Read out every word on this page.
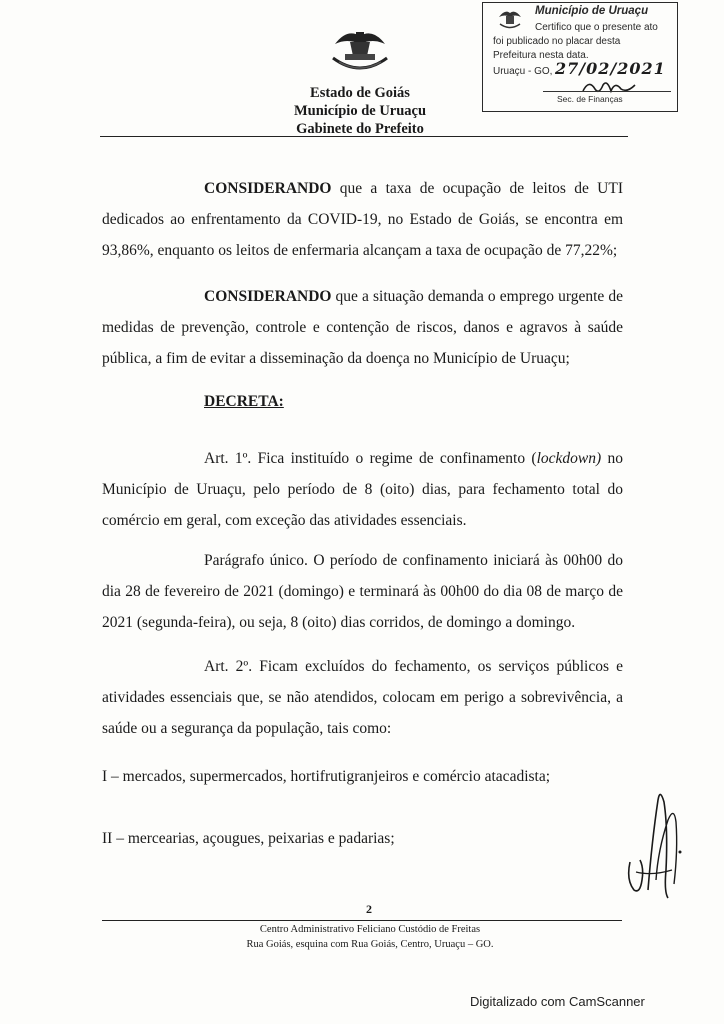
Estado de Goiás
Município de Uruaçu
Gabinete do Prefeito
Município de Uruaçu
Certifico que o presente ato
foi publicado no placar desta
Prefeitura nesta data.
Uruaçu - GO, 27/02/2021
Sec. de Finanças
CONSIDERANDO que a taxa de ocupação de leitos de UTI dedicados ao enfrentamento da COVID-19, no Estado de Goiás, se encontra em 93,86%, enquanto os leitos de enfermaria alcançam a taxa de ocupação de 77,22%;
CONSIDERANDO que a situação demanda o emprego urgente de medidas de prevenção, controle e contenção de riscos, danos e agravos à saúde pública, a fim de evitar a disseminação da doença no Município de Uruaçu;
DECRETA:
Art. 1º. Fica instituído o regime de confinamento (lockdown) no Município de Uruaçu, pelo período de 8 (oito) dias, para fechamento total do comércio em geral, com exceção das atividades essenciais.
Parágrafo único. O período de confinamento iniciará às 00h00 do dia 28 de fevereiro de 2021 (domingo) e terminará às 00h00 do dia 08 de março de 2021 (segunda-feira), ou seja, 8 (oito) dias corridos, de domingo a domingo.
Art. 2º. Ficam excluídos do fechamento, os serviços públicos e atividades essenciais que, se não atendidos, colocam em perigo a sobrevivência, a saúde ou a segurança da população, tais como:
I – mercados, supermercados, hortifrutigranjeiros e comércio atacadista;
II – mercearias, açougues, peixarias e padarias;
2
Centro Administrativo Feliciano Custódio de Freitas
Rua Goiás, esquina com Rua Goiás, Centro, Uruaçu – GO.
Digitalizado com CamScanner
